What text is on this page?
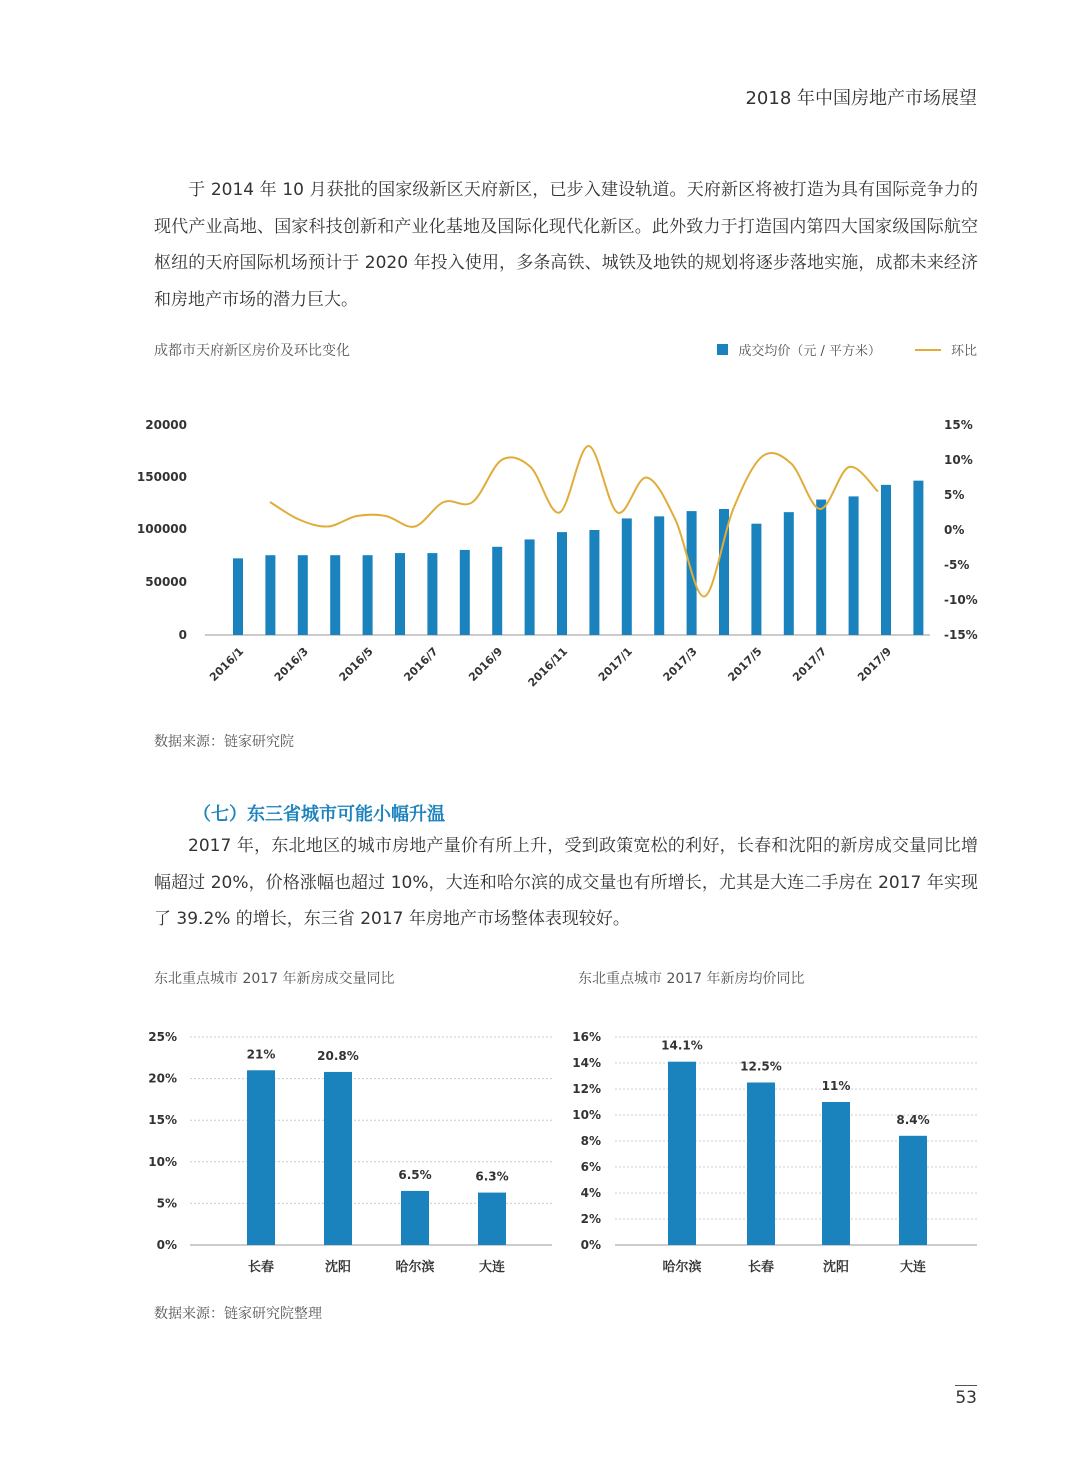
2018 年中国房地产市场展望
于 2014 年 10 月获批的国家级新区天府新区，已步入建设轨道。天府新区将被打造为具有国际竞争力的现代产业高地、国家科技创新和产业化基地及国际化现代化新区。此外致力于打造国内第四大国家级国际航空枢纽的天府国际机场预计于 2020 年投入使用，多条高铁、城铁及地铁的规划将逐步落地实施，成都未来经济和房地产市场的潜力巨大。
成都市天府新区房价及环比变化	成交均价（元 / 平方米）	环比
0
50000
100000
150000
20000
-15%
-10%
-5%
0%
5%
10%
15%
2016/1 2016/3 2016/5 2016/7 2016/9 2016/11 2017/1 2017/3 2017/5 2017/7 2017/9
数据来源：链家研究院
（七）东三省城市可能小幅升温
2017 年，东北地区的城市房地产量价有所上升，受到政策宽松的利好，长春和沈阳的新房成交量同比增幅超过 20%，价格涨幅也超过 10%，大连和哈尔滨的成交量也有所增长，尤其是大连二手房在 2017 年实现了 39.2% 的增长，东三省 2017 年房地产市场整体表现较好。
东北重点城市 2017 年新房成交量同比	东北重点城市 2017 年新房均价同比
0%
5%
10%
15%
20%
25%
21%
长春
20.8%
沈阳
6.5%
哈尔滨
6.3%
大连
0%
2%
4%
6%
8%
10%
12%
14%
16%
14.1%
哈尔滨
12.5%
长春
11%
沈阳
8.4%
大连
数据来源：链家研究院整理
53
